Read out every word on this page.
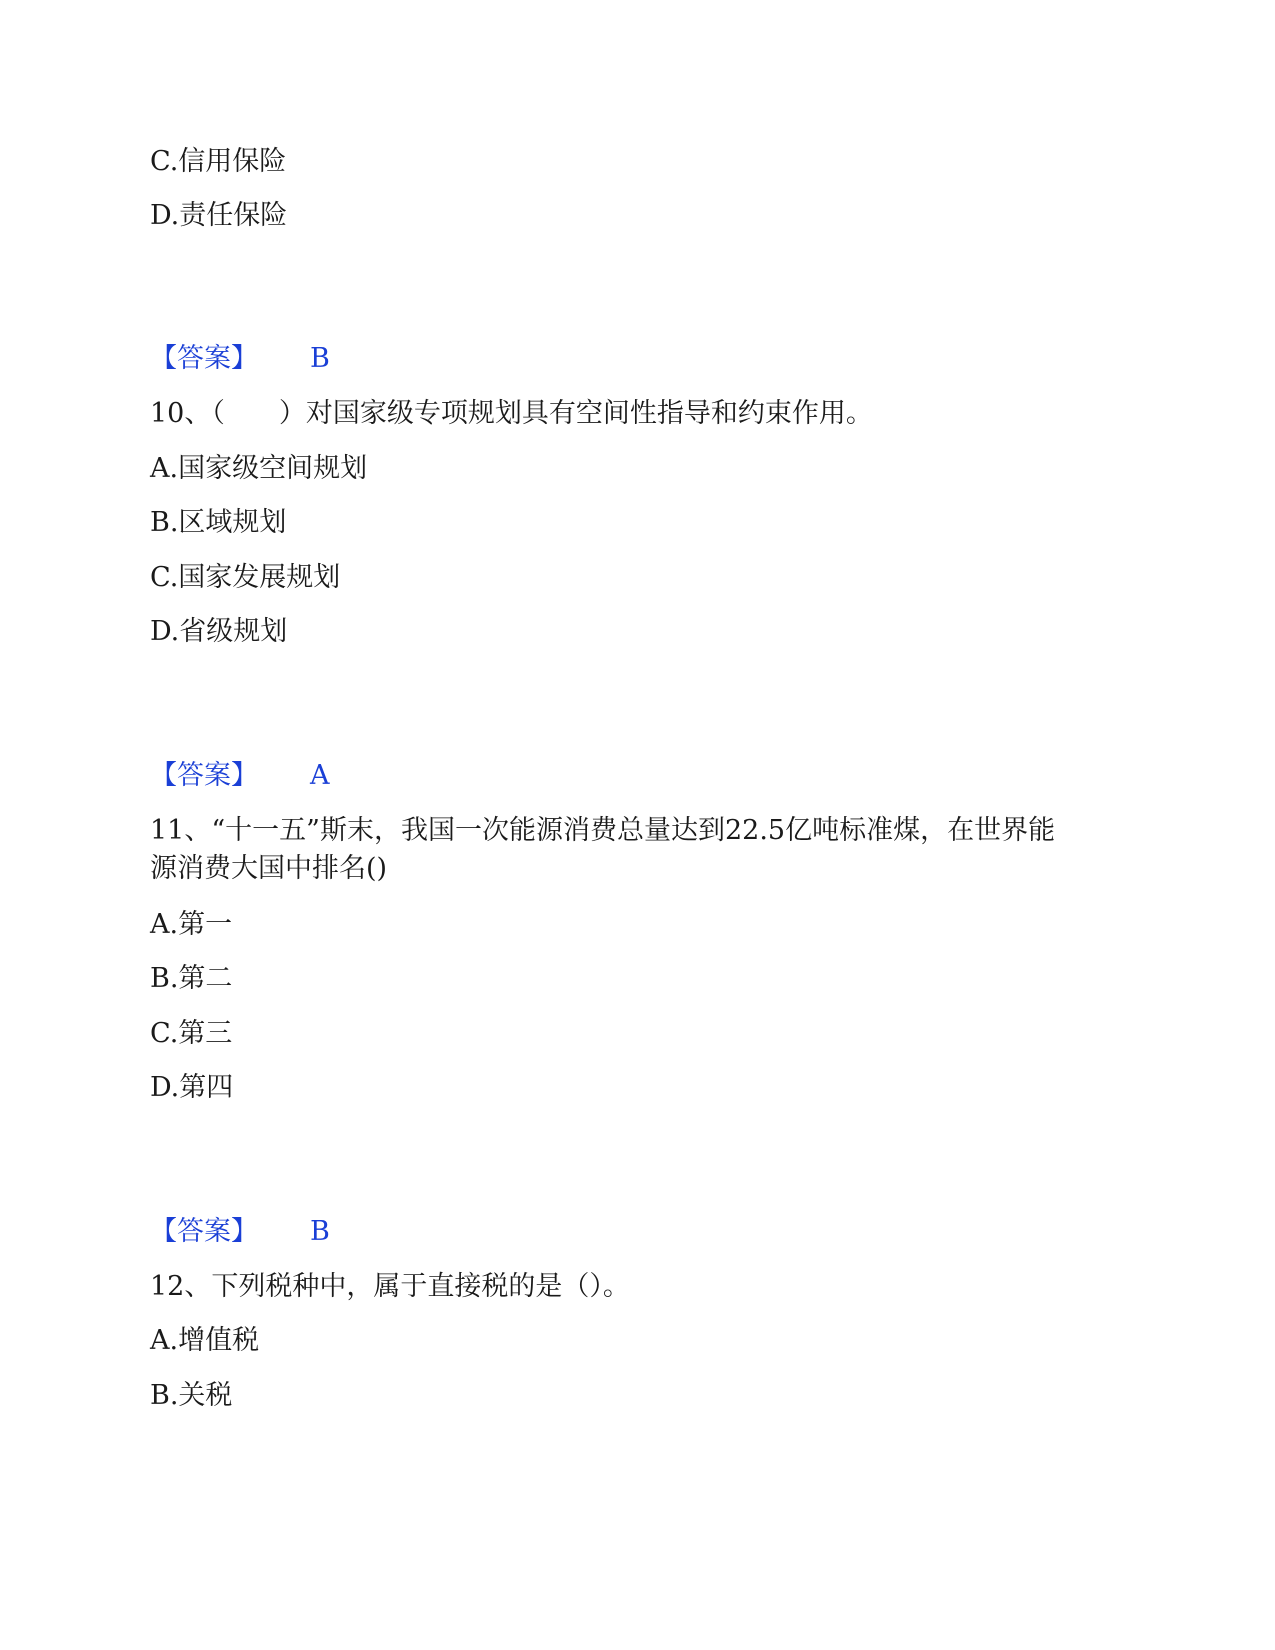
C.信用保险
D.责任保险
【答案】 B
10、（　　）对国家级专项规划具有空间性指导和约束作用。
A.国家级空间规划
B.区域规划
C.国家发展规划
D.省级规划
【答案】 A
11、“十一五”斯末，我国一次能源消费总量达到22.5亿吨标准煤，在世界能
源消费大国中排名()
A.第一
B.第二
C.第三
D.第四
【答案】 B
12、下列税种中，属于直接税的是（）。
A.增值税
B.关税
